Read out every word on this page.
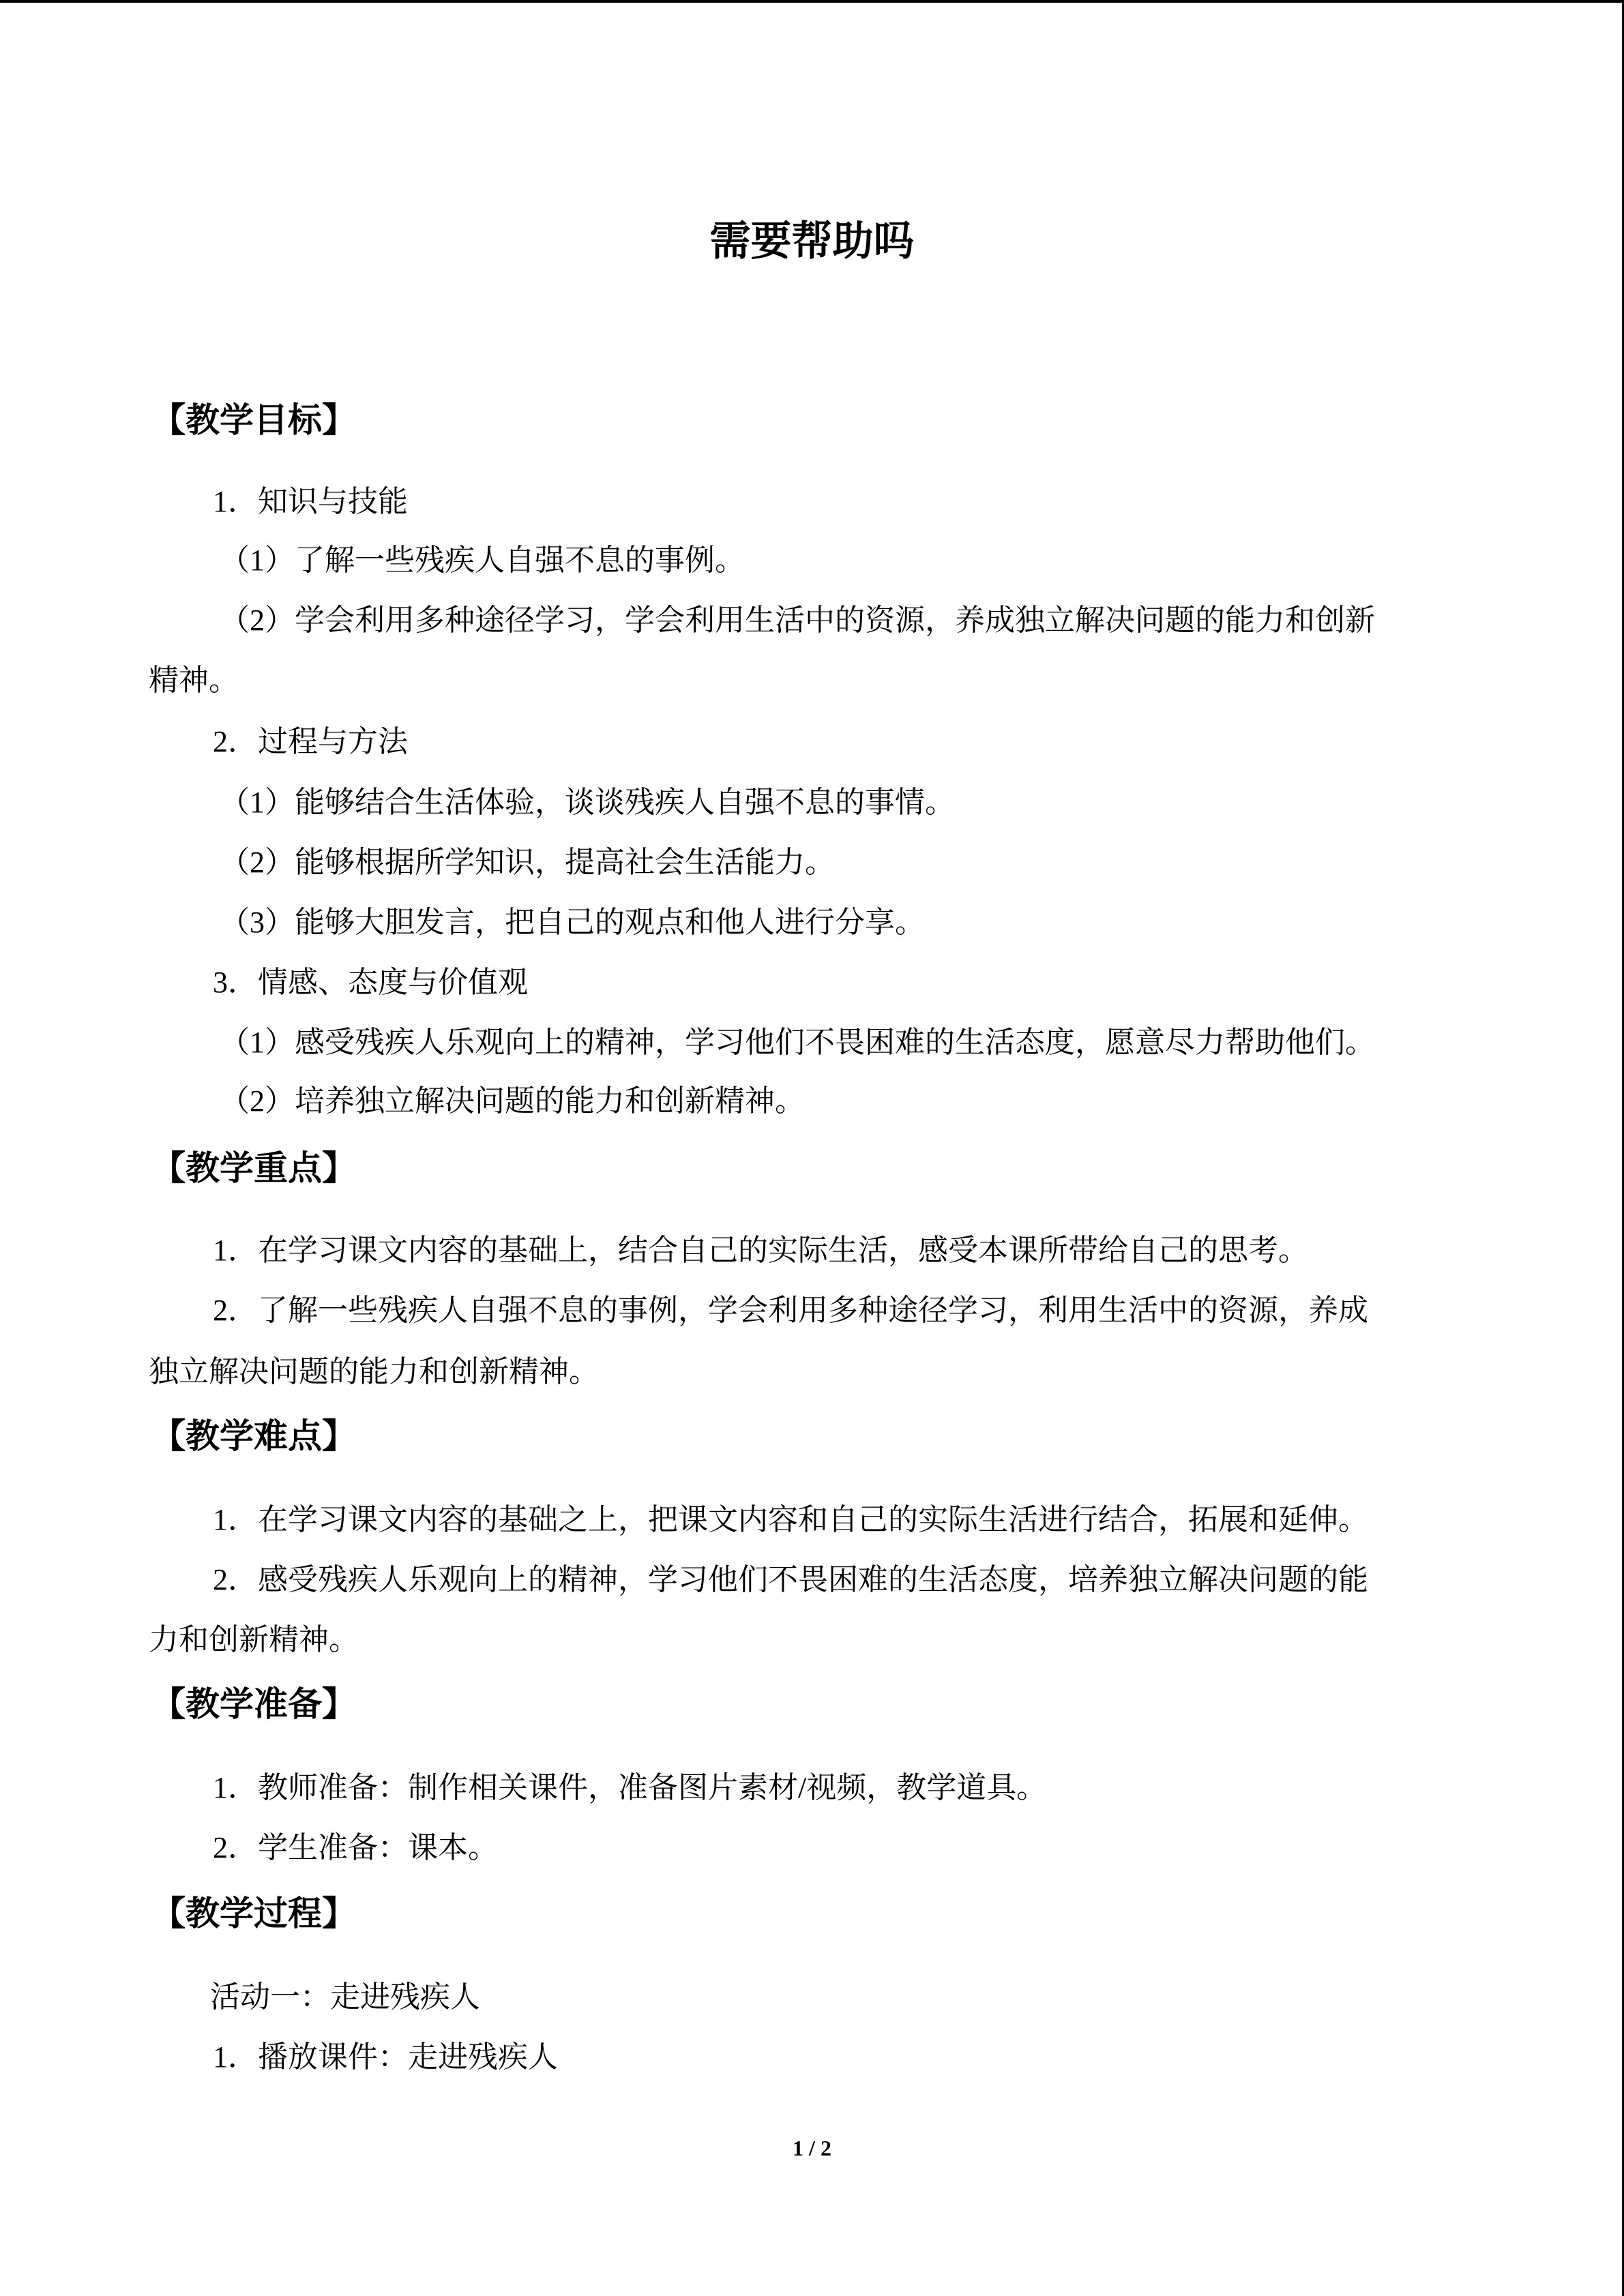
需要帮助吗
【教学目标】
1．知识与技能
（1）了解一些残疾人自强不息的事例。
（2）学会利用多种途径学习，学会利用生活中的资源，养成独立解决问题的能力和创新
精神。
2．过程与方法
（1）能够结合生活体验，谈谈残疾人自强不息的事情。
（2）能够根据所学知识，提高社会生活能力。
（3）能够大胆发言，把自己的观点和他人进行分享。
3．情感、态度与价值观
（1）感受残疾人乐观向上的精神，学习他们不畏困难的生活态度，愿意尽力帮助他们。
（2）培养独立解决问题的能力和创新精神。
【教学重点】
1．在学习课文内容的基础上，结合自己的实际生活，感受本课所带给自己的思考。
2．了解一些残疾人自强不息的事例，学会利用多种途径学习，利用生活中的资源，养成
独立解决问题的能力和创新精神。
【教学难点】
1．在学习课文内容的基础之上，把课文内容和自己的实际生活进行结合，拓展和延伸。
2．感受残疾人乐观向上的精神，学习他们不畏困难的生活态度，培养独立解决问题的能
力和创新精神。
【教学准备】
1．教师准备：制作相关课件，准备图片素材/视频，教学道具。
2．学生准备：课本。
【教学过程】
活动一：走进残疾人
1．播放课件：走进残疾人
1 / 2
